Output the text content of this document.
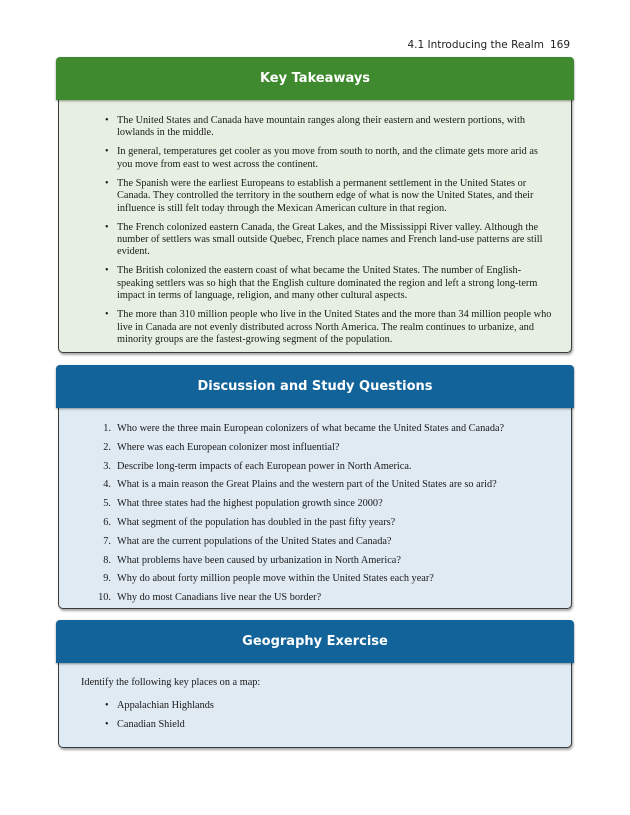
4.1 Introducing the Realm 169
Key Takeaways
• The United States and Canada have mountain ranges along their eastern and western portions, with lowlands in the middle.
• In general, temperatures get cooler as you move from south to north, and the climate gets more arid as you move from east to west across the continent.
• The Spanish were the earliest Europeans to establish a permanent settlement in the United States or Canada. They controlled the territory in the southern edge of what is now the United States, and their influence is still felt today through the Mexican American culture in that region.
• The French colonized eastern Canada, the Great Lakes, and the Mississippi River valley. Although the number of settlers was small outside Quebec, French place names and French land-use patterns are still evident.
• The British colonized the eastern coast of what became the United States. The number of English-speaking settlers was so high that the English culture dominated the region and left a strong long-term impact in terms of language, religion, and many other cultural aspects.
• The more than 310 million people who live in the United States and the more than 34 million people who live in Canada are not evenly distributed across North America. The realm continues to urbanize, and minority groups are the fastest-growing segment of the population.
Discussion and Study Questions
1. Who were the three main European colonizers of what became the United States and Canada?
2. Where was each European colonizer most influential?
3. Describe long-term impacts of each European power in North America.
4. What is a main reason the Great Plains and the western part of the United States are so arid?
5. What three states had the highest population growth since 2000?
6. What segment of the population has doubled in the past fifty years?
7. What are the current populations of the United States and Canada?
8. What problems have been caused by urbanization in North America?
9. Why do about forty million people move within the United States each year?
10. Why do most Canadians live near the US border?
Geography Exercise

Identify the following key places on a map:

• Appalachian Highlands
• Canadian Shield
